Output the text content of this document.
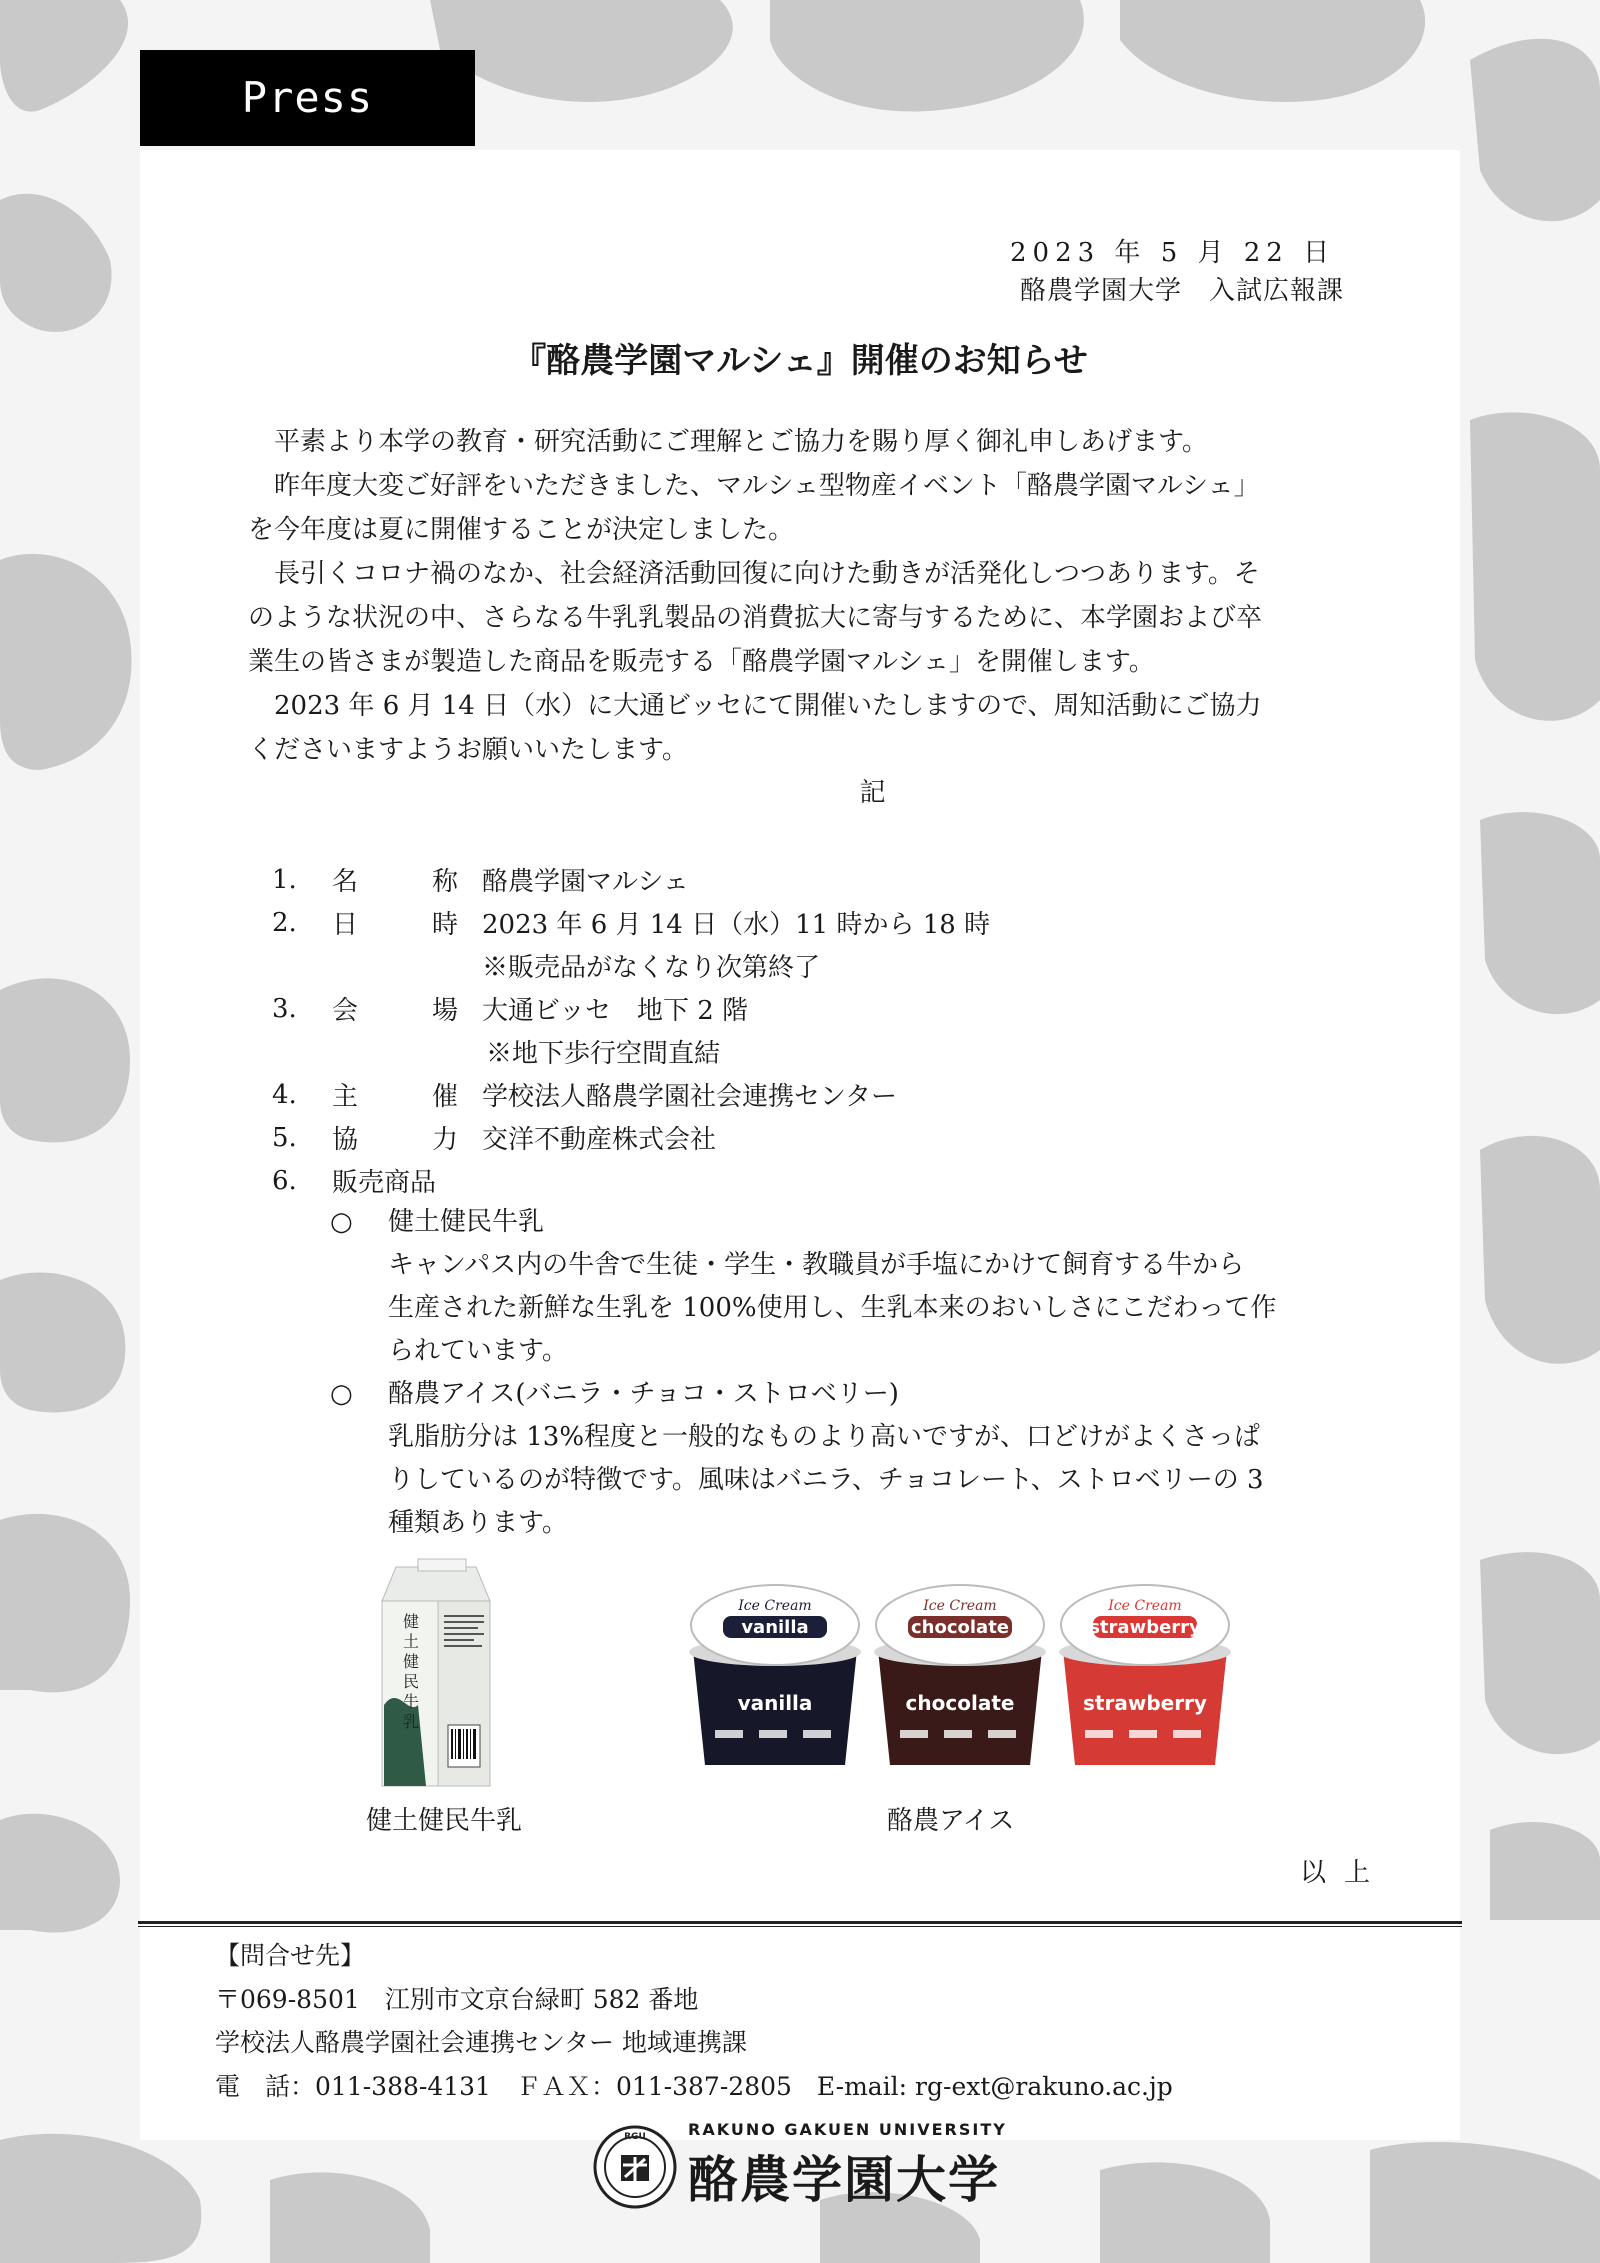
Press Release
2023 年 5 月 22 日
酪農学園大学　入試広報課
『酪農学園マルシェ』開催のお知らせ
平素より本学の教育・研究活動にご理解とご協力を賜り厚く御礼申しあげます。
昨年度大変ご好評をいただきました、マルシェ型物産イベント「酪農学園マルシェ」
を今年度は夏に開催することが決定しました。
長引くコロナ禍のなか、社会経済活動回復に向けた動きが活発化しつつあります。そ
のような状況の中、さらなる牛乳乳製品の消費拡大に寄与するために、本学園および卒
業生の皆さまが製造した商品を販売する「酪農学園マルシェ」を開催します。
2023 年 6 月 14 日（水）に大通ビッセにて開催いたしますので、周知活動にご協力
くださいますようお願いいたします。
記
1.	名	称 酪農学園マルシェ
2.	日	時 2023 年 6 月 14 日（水）11 時から 18 時
※販売品がなくなり次第終了
3.	会	場 大通ビッセ　地下 2 階
※地下歩行空間直結
4.	主	催 学校法人酪農学園社会連携センター
5.	協	力 交洋不動産株式会社
6.	販売商品
○	健土健民牛乳
キャンパス内の牛舎で生徒・学生・教職員が手塩にかけて飼育する牛から
生産された新鮮な生乳を 100%使用し、生乳本来のおいしさにこだわって作
られています。
○	酪農アイス(バニラ・チョコ・ストロベリー)
乳脂肪分は 13%程度と一般的なものより高いですが、口どけがよくさっぱ
りしているのが特徴です。風味はバニラ、チョコレート、ストロベリーの 3
種類あります。
健土健民牛乳
健土健民牛乳
vanilla
Ice Cream
vanilla
chocolate
Ice Cream
chocolate
strawberry
Ice Cream
strawberry
酪農アイス
以上
【問合せ先】
〒069-8501　江別市文京台緑町 582 番地
学校法人酪農学園社会連携センター 地域連携課
電　話：011-388-4131　ＦＡＸ：011-387-2805　E-mail: rg-ext@rakuno.ac.jp
RGU	RAKUNO GAKUEN UNIVERSITY
酪農学園大学
